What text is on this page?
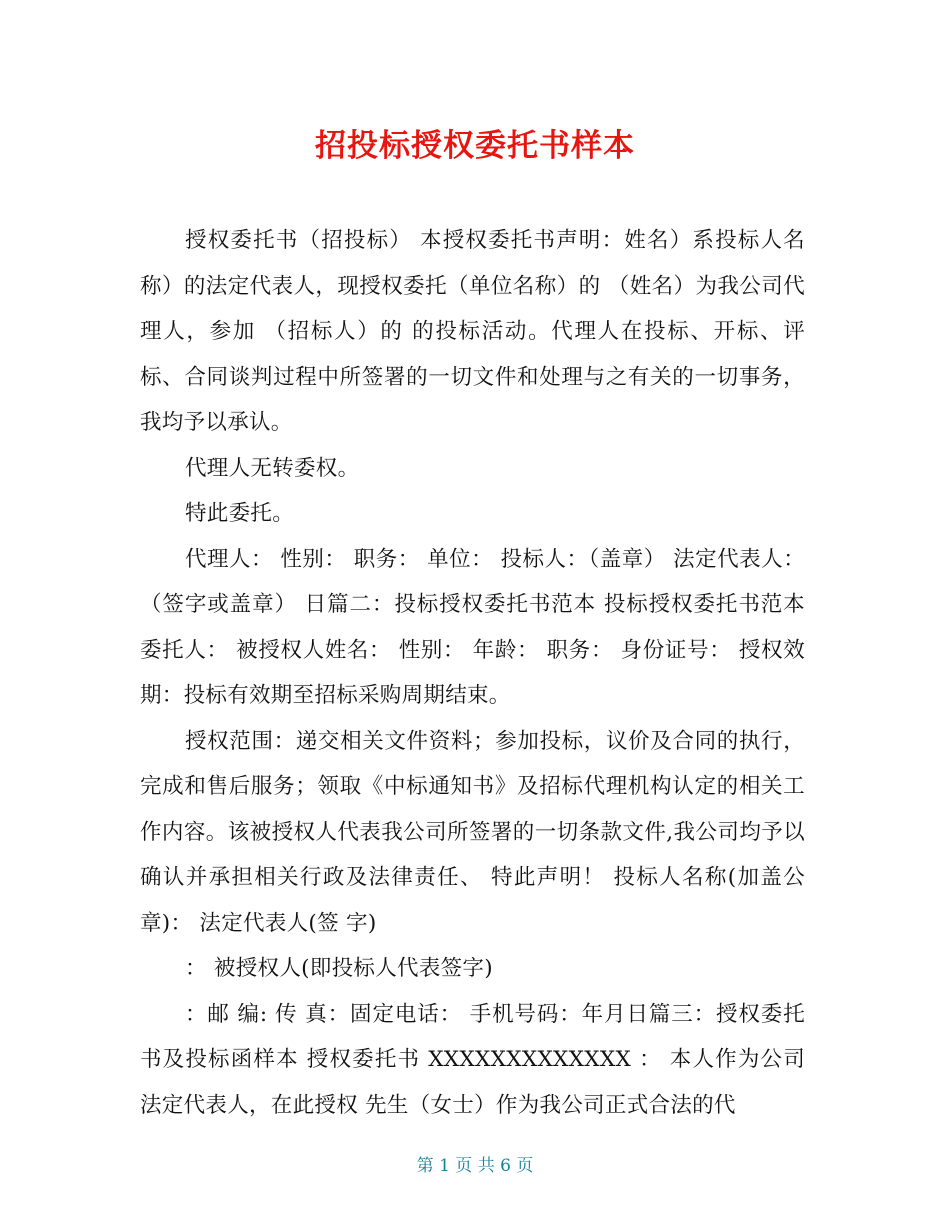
招投标授权委托书样本

授权委托书（招投标） 本授权委托书声明：姓名）系投标人名称）的法定代表人，现授权委托（单位名称）的 （姓名）为我公司代理人，参加 （招标人）的 的投标活动。代理人在投标、开标、评标、合同谈判过程中所签署的一切文件和处理与之有关的一切事务，我均予以承认。

代理人无转委权。

特此委托。

代理人： 性别： 职务： 单位： 投标人：（盖章） 法定代表人：（签字或盖章） 日篇二：投标授权委托书范本 投标授权委托书范本 委托人： 被授权人姓名： 性别： 年龄： 职务： 身份证号： 授权效期：投标有效期至招标采购周期结束。

授权范围：递交相关文件资料；参加投标，议价及合同的执行，完成和售后服务；领取《中标通知书》及招标代理机构认定的相关工作内容。该被授权人代表我公司所签署的一切条款文件,我公司均予以确认并承担相关行政及法律责任、 特此声明！ 投标人名称(加盖公章)： 法定代表人(签 字)

： 被授权人(即投标人代表签字)

：邮 编: 传 真：固定电话： 手机号码：年月日篇三：授权委托书及投标函样本 授权委托书 XXXXXXXXXXXXX ： 本人作为公司法定代表人，在此授权 先生（女士）作为我公司正式合法的代

第 1 页 共 6 页
